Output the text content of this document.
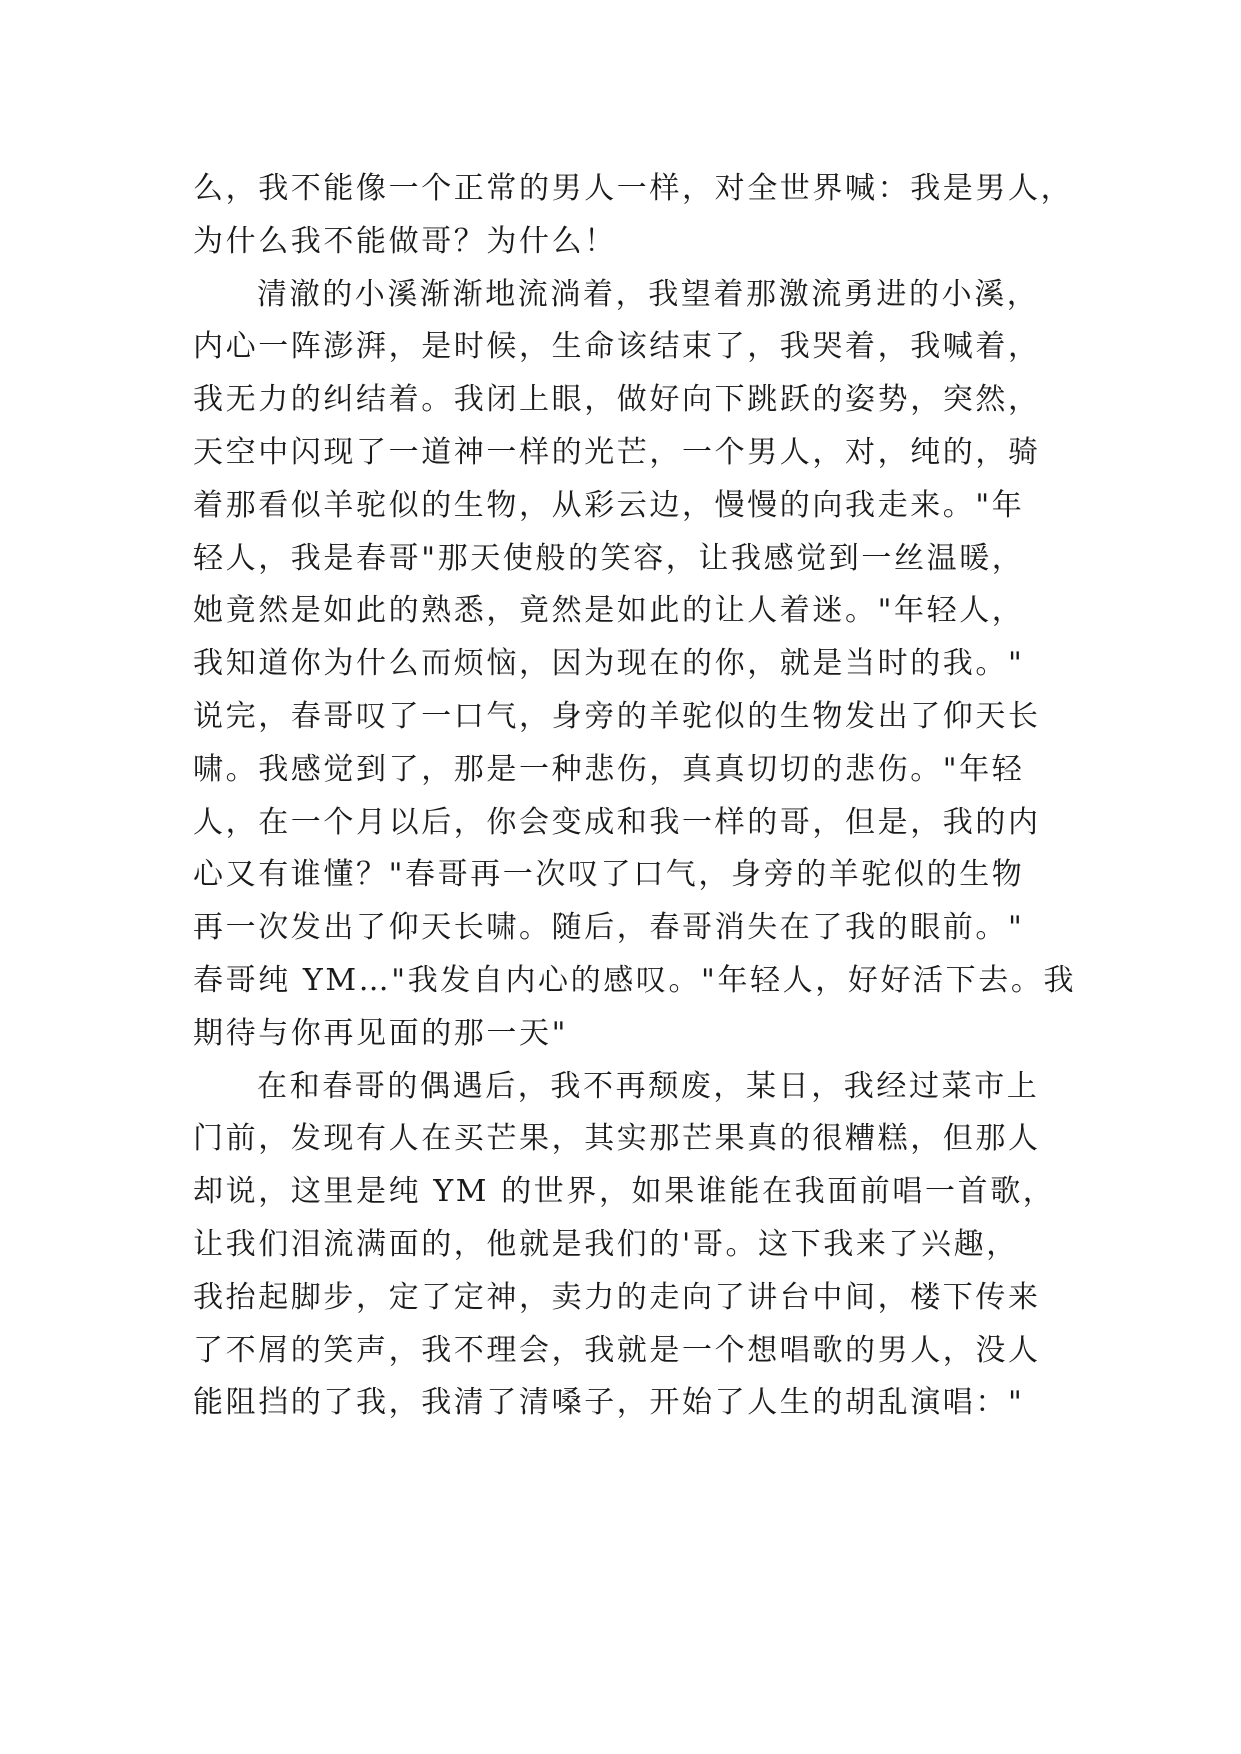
么，我不能像一个正常的男人一样，对全世界喊：我是男人，
为什么我不能做哥？为什么！
清澈的小溪渐渐地流淌着，我望着那激流勇进的小溪，
内心一阵澎湃，是时候，生命该结束了，我哭着，我喊着，
我无力的纠结着。我闭上眼，做好向下跳跃的姿势，突然，
天空中闪现了一道神一样的光芒，一个男人，对，纯的，骑
着那看似羊驼似的生物，从彩云边，慢慢的向我走来。"年
轻人，我是春哥"那天使般的笑容，让我感觉到一丝温暖，
她竟然是如此的熟悉，竟然是如此的让人着迷。"年轻人，
我知道你为什么而烦恼，因为现在的你，就是当时的我。"
说完，春哥叹了一口气，身旁的羊驼似的生物发出了仰天长
啸。我感觉到了，那是一种悲伤，真真切切的悲伤。"年轻
人，在一个月以后，你会变成和我一样的哥，但是，我的内
心又有谁懂？"春哥再一次叹了口气，身旁的羊驼似的生物
再一次发出了仰天长啸。随后，春哥消失在了我的眼前。"
春哥纯 YM…"我发自内心的感叹。"年轻人，好好活下去。我
期待与你再见面的那一天"
在和春哥的偶遇后，我不再颓废，某日，我经过菜市上
门前，发现有人在买芒果，其实那芒果真的很糟糕，但那人
却说，这里是纯 YM 的世界，如果谁能在我面前唱一首歌，
让我们泪流满面的，他就是我们的'哥。这下我来了兴趣，
我抬起脚步，定了定神，卖力的走向了讲台中间，楼下传来
了不屑的笑声，我不理会，我就是一个想唱歌的男人，没人
能阻挡的了我，我清了清嗓子，开始了人生的胡乱演唱："
